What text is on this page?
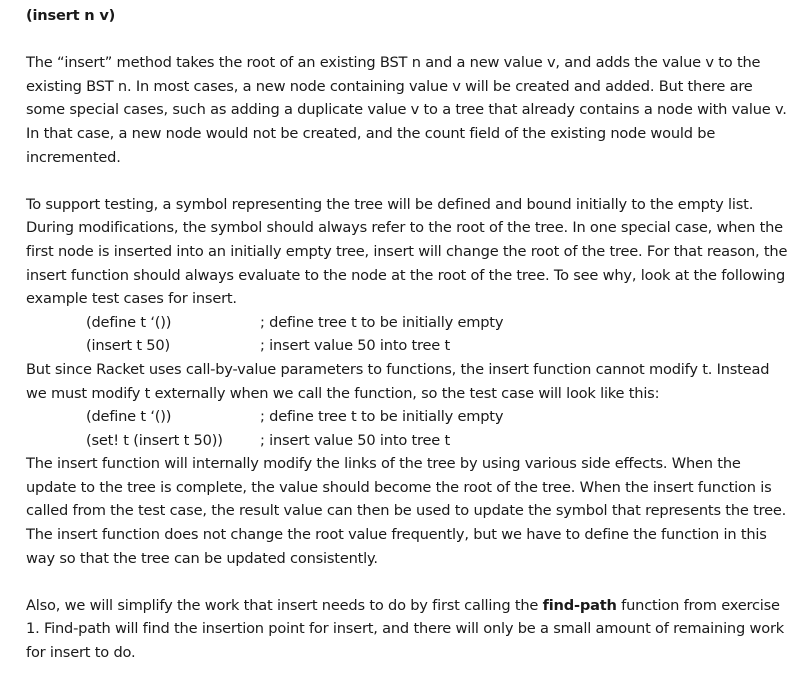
(insert n v)

The “insert” method takes the root of an existing BST n and a new value v, and adds the value v to the existing BST n. In most cases, a new node containing value v will be created and added. But there are some special cases, such as adding a duplicate value v to a tree that already contains a node with value v. In that case, a new node would not be created, and the count field of the existing node would be incremented.

To support testing, a symbol representing the tree will be defined and bound initially to the empty list. During modifications, the symbol should always refer to the root of the tree. In one special case, when the first node is inserted into an initially empty tree, insert will change the root of the tree. For that reason, the insert function should always evaluate to the node at the root of the tree. To see why, look at the following example test cases for insert.

(define t ‘())	; define tree t to be initially empty
(insert t 50)	; insert value 50 into tree t

But since Racket uses call-by-value parameters to functions, the insert function cannot modify t. Instead we must modify t externally when we call the function, so the test case will look like this:

(define t ‘())	; define tree t to be initially empty
(set! t (insert t 50))	; insert value 50 into tree t

The insert function will internally modify the links of the tree by using various side effects. When the update to the tree is complete, the value should become the root of the tree. When the insert function is called from the test case, the result value can then be used to update the symbol that represents the tree.

The insert function does not change the root value frequently, but we have to define the function in this way so that the tree can be updated consistently.

Also, we will simplify the work that insert needs to do by first calling the find-path function from exercise 1. Find-path will find the insertion point for insert, and there will only be a small amount of remaining work for insert to do.
